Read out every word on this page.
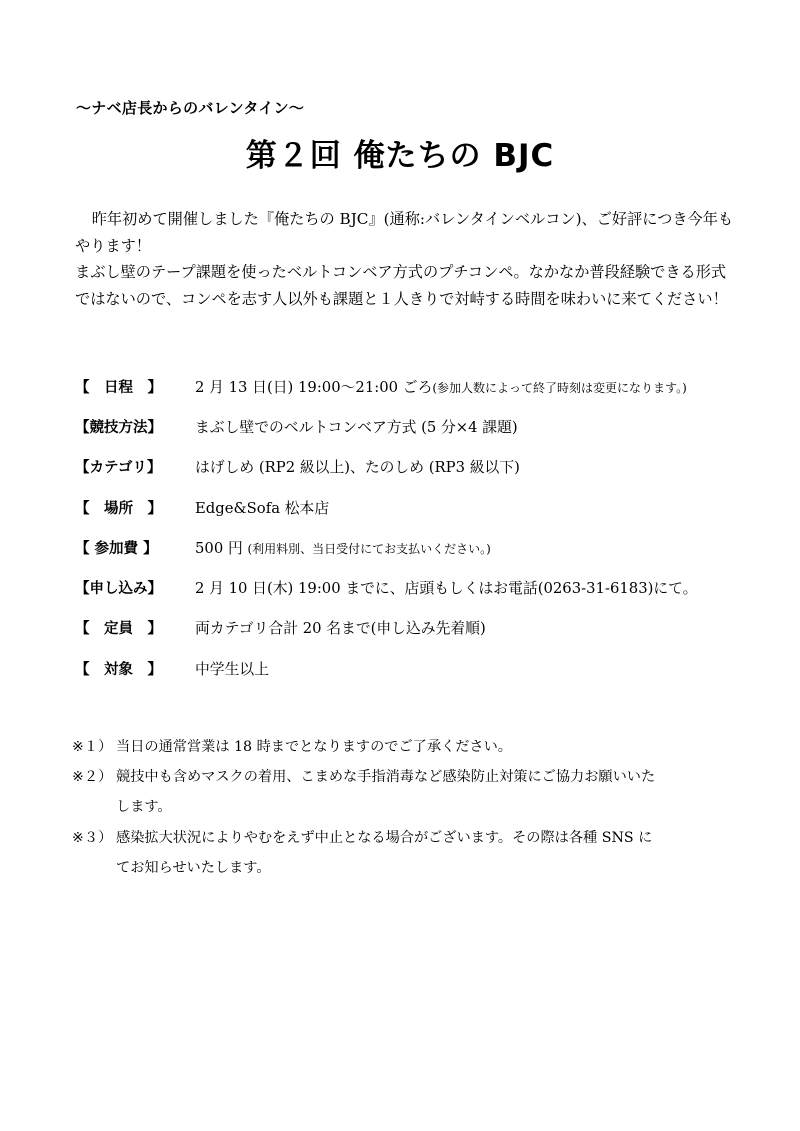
〜ナベ店長からのバレンタイン〜
第２回 俺たちの BJC

昨年初めて開催しました『俺たちの BJC』(通称:バレンタインベルコン)、ご好評につき今年もやります！

まぶし壁のテープ課題を使ったベルトコンベア方式のプチコンペ。なかなか普段経験できる形式ではないので、コンペを志す人以外も課題と１人きりで対峙する時間を味わいに来てください！

【　日程　】	2 月 13 日(日) 19:00〜21:00 ごろ(参加人数によって終了時刻は変更になります。)
【競技方法】	まぶし壁でのベルトコンベア方式 (5 分×4 課題)
【カテゴリ】	はげしめ (RP2 級以上)、たのしめ (RP3 級以下)
【　場所　】	Edge&Sofa 松本店
【 参加費 】	500 円 (利用料別、当日受付にてお支払いください。)
【申し込み】	2 月 10 日(木) 19:00 までに、店頭もしくはお電話(0263-31-6183)にて。
【　定員　】	両カテゴリ合計 20 名まで(申し込み先着順)
【　対象　】	中学生以上
※１） 当日の通常営業は 18 時までとなりますのでご了承ください。
※２） 競技中も含めマスクの着用、こまめな手指消毒など感染防止対策にご協力お願いいた
します。
※３） 感染拡大状況によりやむをえず中止となる場合がございます。その際は各種 SNS に
てお知らせいたします。
